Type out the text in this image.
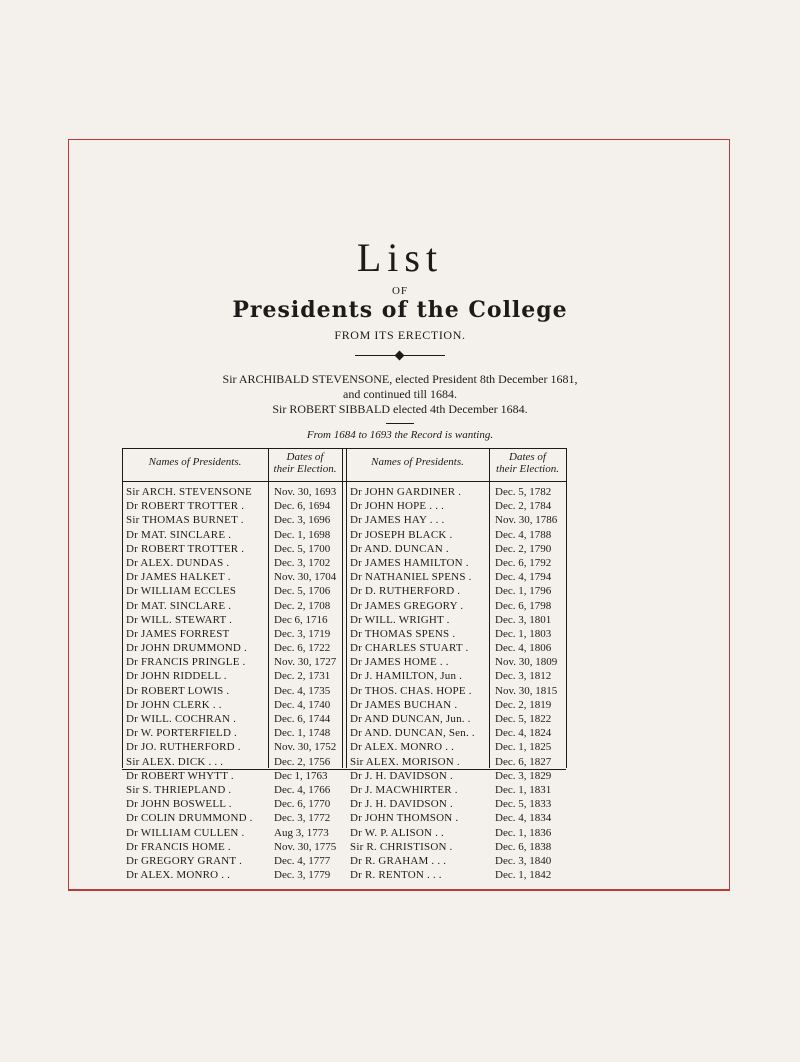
List
OF
Presidents of the College
FROM ITS ERECTION.
Sir ARCHIBALD STEVENSONE, elected President 8th December 1681,
and continued till 1684.
Sir ROBERT SIBBALD elected 4th December 1684.
From 1684 to 1693 the Record is wanting.
Names of Presidents.	Dates of
their Election.
Names of Presidents.	Dates of
their Election.
Sir ARCH. STEVENSONE
Dr ROBERT TROTTER .
Sir THOMAS BURNET .
Dr MAT. SINCLARE .
Dr ROBERT TROTTER .
Dr ALEX. DUNDAS .
Dr JAMES HALKET .
Dr WILLIAM ECCLES
Dr MAT. SINCLARE .
Dr WILL. STEWART .
Dr JAMES FORREST
Dr JOHN DRUMMOND .
Dr FRANCIS PRINGLE .
Dr JOHN RIDDELL .
Dr ROBERT LOWIS .
Dr JOHN CLERK . .
Dr WILL. COCHRAN .
Dr W. PORTERFIELD .
Dr JO. RUTHERFORD .
Sir ALEX. DICK . . .
Dr ROBERT WHYTT .
Sir S. THRIEPLAND .
Dr JOHN BOSWELL .
Dr COLIN DRUMMOND .
Dr WILLIAM CULLEN .
Dr FRANCIS HOME .
Dr GREGORY GRANT .
Dr ALEX. MONRO . .
Nov. 30, 1693
Dec. 6, 1694
Dec. 3, 1696
Dec. 1, 1698
Dec. 5, 1700
Dec. 3, 1702
Nov. 30, 1704
Dec. 5, 1706
Dec. 2, 1708
Dec 6, 1716
Dec. 3, 1719
Dec. 6, 1722
Nov. 30, 1727
Dec. 2, 1731
Dec. 4, 1735
Dec. 4, 1740
Dec. 6, 1744
Dec. 1, 1748
Nov. 30, 1752
Dec. 2, 1756
Dec 1, 1763
Dec. 4, 1766
Dec. 6, 1770
Dec. 3, 1772
Aug 3, 1773
Nov. 30, 1775
Dec. 4, 1777
Dec. 3, 1779
Dr JOHN GARDINER .
Dr JOHN HOPE . . .
Dr JAMES HAY . . .
Dr JOSEPH BLACK .
Dr AND. DUNCAN .
Dr JAMES HAMILTON .
Dr NATHANIEL SPENS .
Dr D. RUTHERFORD .
Dr JAMES GREGORY .
Dr WILL. WRIGHT .
Dr THOMAS SPENS .
Dr CHARLES STUART .
Dr JAMES HOME . .
Dr J. HAMILTON, Jun .
Dr THOS. CHAS. HOPE .
Dr JAMES BUCHAN .
Dr AND DUNCAN, Jun. .
Dr AND. DUNCAN, Sen. .
Dr ALEX. MONRO . .
Sir ALEX. MORISON .
Dr J. H. DAVIDSON .
Dr J. MACWHIRTER .
Dr J. H. DAVIDSON .
Dr JOHN THOMSON .
Dr W. P. ALISON . .
Sir R. CHRISTISON .
Dr R. GRAHAM . . .
Dr R. RENTON . . .
Dec. 5, 1782
Dec. 2, 1784
Nov. 30, 1786
Dec. 4, 1788
Dec. 2, 1790
Dec. 6, 1792
Dec. 4, 1794
Dec. 1, 1796
Dec. 6, 1798
Dec. 3, 1801
Dec. 1, 1803
Dec. 4, 1806
Nov. 30, 1809
Dec. 3, 1812
Nov. 30, 1815
Dec. 2, 1819
Dec. 5, 1822
Dec. 4, 1824
Dec. 1, 1825
Dec. 6, 1827
Dec. 3, 1829
Dec. 1, 1831
Dec. 5, 1833
Dec. 4, 1834
Dec. 1, 1836
Dec. 6, 1838
Dec. 3, 1840
Dec. 1, 1842
